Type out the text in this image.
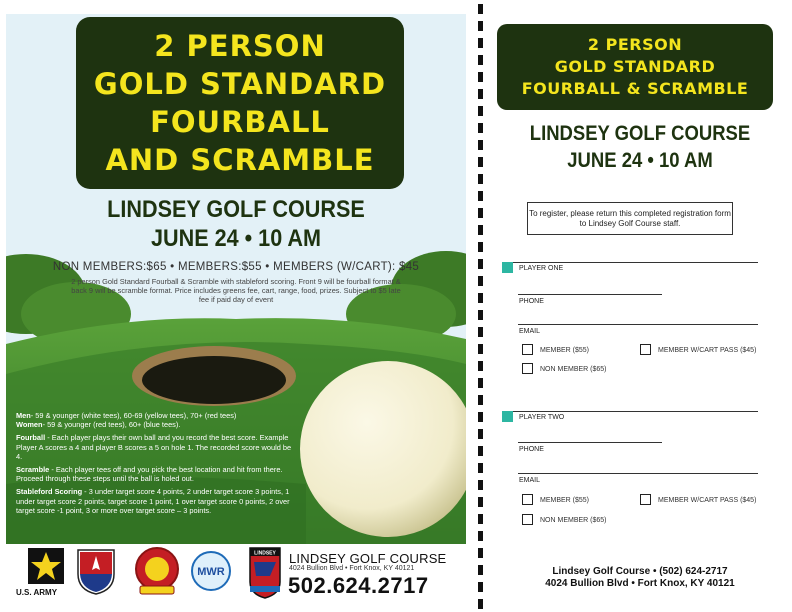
2 PERSON
GOLD STANDARD
FOURBALL
AND SCRAMBLE
LINDSEY GOLF COURSE
JUNE 24 • 10 AM
NON MEMBERS:$65 • MEMBERS:$55 • MEMBERS (W/CART): $45
2 person Gold Standard Fourball & Scramble with stableford scoring. Front 9 will be fourball format & back 9 will be scramble format. Price includes greens fee, cart, range, food, prizes. Subject to $5 late fee if paid day of event

Men- 59 & younger (white tees), 60-69 (yellow tees), 70+ (red tees)
Women- 59 & younger (red tees), 60+ (blue tees).

Fourball - Each player plays their own ball and you record the best score. Example Player A scores a 4 and player B scores a 5 on hole 1. The recorded score would be 4.

Scramble - Each player tees off and you pick the best location and hit from there. Proceed through these steps until the ball is holed out.

Stableford Scoring - 3 under target score 4 points, 2 under target score 3 points, 1 under target score 2 points, target score 1 point, 1 over target score 0 points, 2 over target score -1 point, 3 or more over target score – 3 points.

U.S. ARMY
MWR
LINDSEY LINDSEY GOLF COURSE
4024 Bullion Blvd • Fort Knox, KY 40121
502.624.2717
2 PERSON
GOLD STANDARD
FOURBALL & SCRAMBLE
LINDSEY GOLF COURSE
JUNE 24 • 10 AM
To register, please return this completed registration form to Lindsey Golf Course staff.
PLAYER ONE
PHONE
EMAIL
MEMBER ($55)	MEMBER W/CART PASS ($45)
NON MEMBER ($65)
PLAYER TWO
PHONE
EMAIL
MEMBER ($55)	MEMBER W/CART PASS ($45)
NON MEMBER ($65)
Lindsey Golf Course • (502) 624-2717
4024 Bullion Blvd • Fort Knox, KY 40121
